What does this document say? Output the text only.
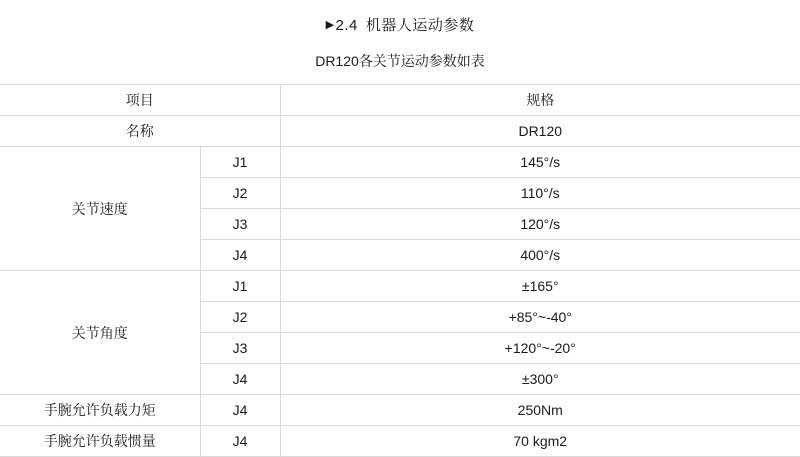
▶2.4 机器人运动参数
DR120各关节运动参数如表
项目		规格
名称		DR120
关节速度	J1	145°/s
	J2	110°/s
	J3	120°/s
	J4	400°/s
关节角度	J1	±165°
	J2	+85°~-40°
	J3	+120°~-20°
	J4	±300°
手腕允许负载力矩	J4	250Nm
手腕允许负载惯量	J4	70 kgm2
